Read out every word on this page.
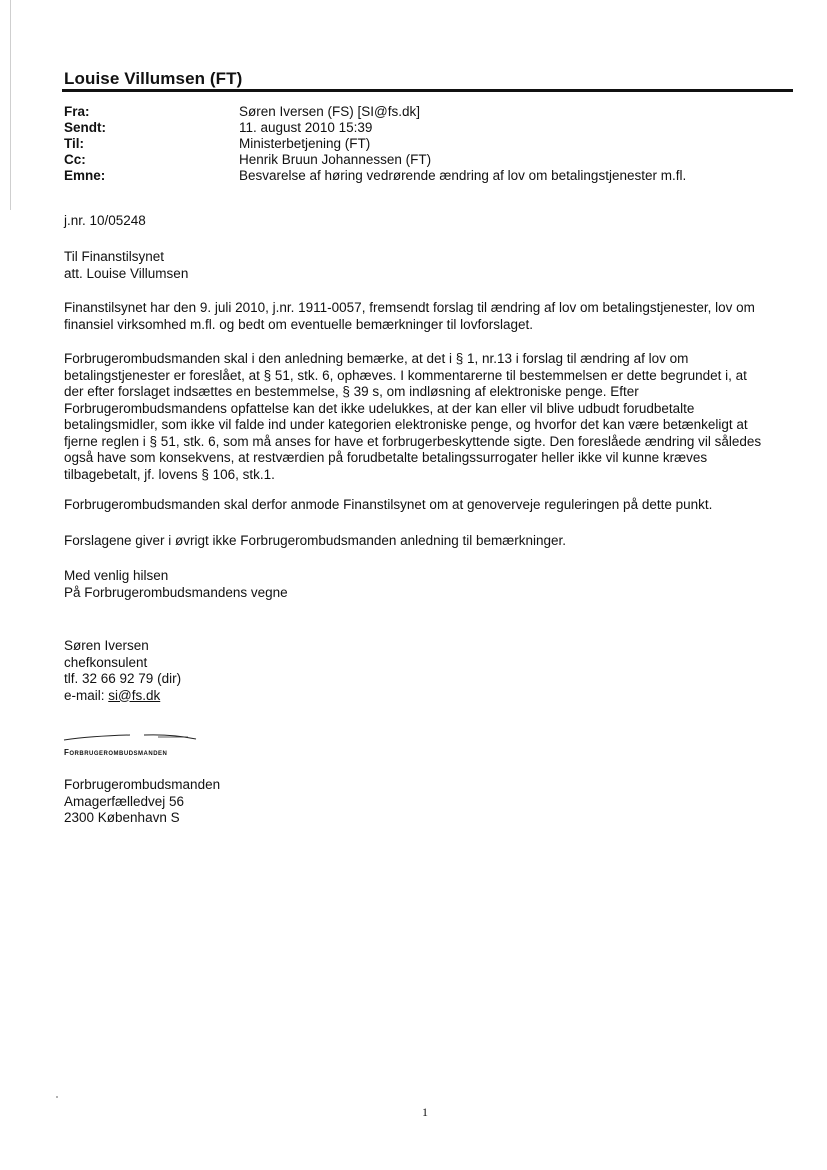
Louise Villumsen (FT)
Fra:	Søren Iversen (FS) [SI@fs.dk]
Sendt:	11. august 2010 15:39
Til:	Ministerbetjening (FT)
Cc:	Henrik Bruun Johannessen (FT)
Emne:	Besvarelse af høring vedrørende ændring af lov om betalingstjenester m.fl.
j.nr. 10/05248
Til Finanstilsynet
att. Louise Villumsen
Finanstilsynet har den 9. juli 2010, j.nr. 1911-0057, fremsendt forslag til ændring af lov om betalingstjenester, lov om
finansiel virksomhed m.fl. og bedt om eventuelle bemærkninger til lovforslaget.
Forbrugerombudsmanden skal i den anledning bemærke, at det i § 1, nr.13 i forslag til ændring af lov om
betalingstjenester er foreslået, at § 51, stk. 6, ophæves. I kommentarerne til bestemmelsen er dette begrundet i, at
der efter forslaget indsættes en bestemmelse, § 39 s, om indløsning af elektroniske penge. Efter
Forbrugerombudsmandens opfattelse kan det ikke udelukkes, at der kan eller vil blive udbudt forudbetalte
betalingsmidler, som ikke vil falde ind under kategorien elektroniske penge, og hvorfor det kan være betænkeligt at
fjerne reglen i § 51, stk. 6, som må anses for have et forbrugerbeskyttende sigte. Den foreslåede ændring vil således
også have som konsekvens, at restværdien på forudbetalte betalingssurrogater heller ikke vil kunne kræves
tilbagebetalt, jf. lovens § 106, stk.1.
Forbrugerombudsmanden skal derfor anmode Finanstilsynet om at genoverveje reguleringen på dette punkt.
Forslagene giver i øvrigt ikke Forbrugerombudsmanden anledning til bemærkninger.
Med venlig hilsen
På Forbrugerombudsmandens vegne
Søren Iversen
chefkonsulent
tlf. 32 66 92 79 (dir)
e-mail: si@fs.dk
Forbrugerombudsmanden
Forbrugerombudsmanden
Amagerfælledvej 56
2300 København S
1
